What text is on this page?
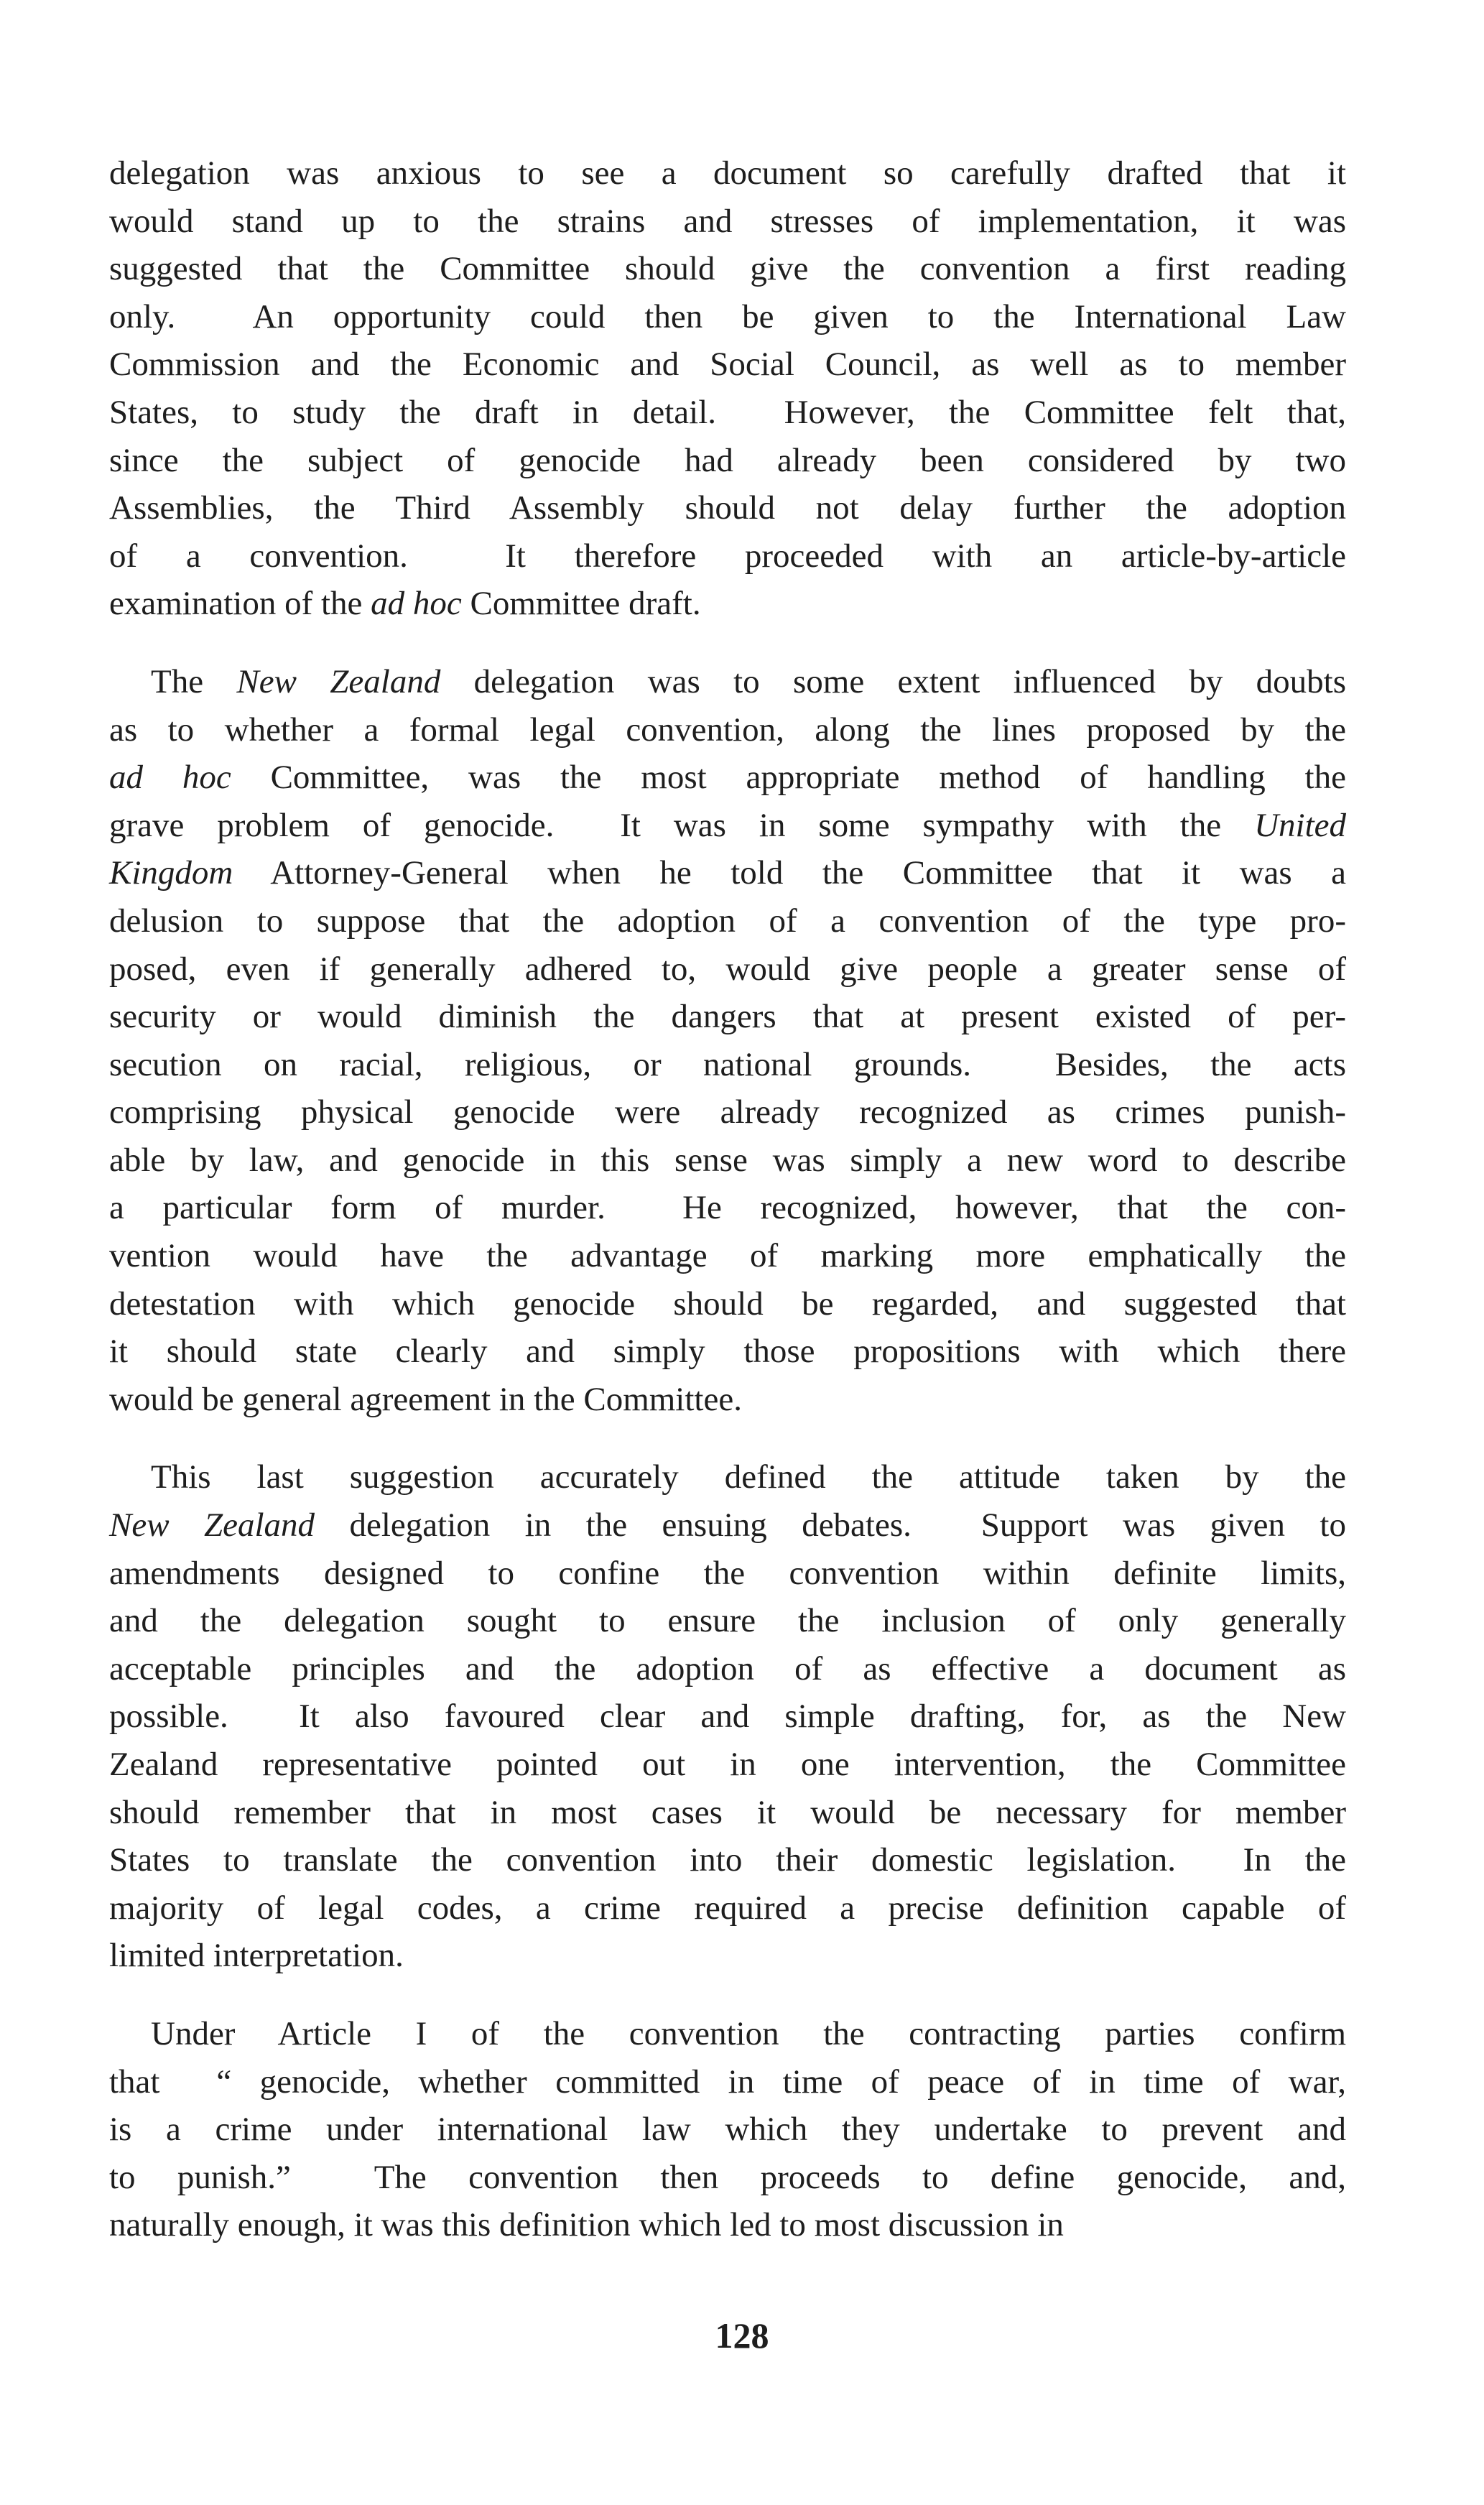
delegation was anxious to see a document so carefully drafted that it
would stand up to the strains and stresses of implementation, it was
suggested that the Committee should give the convention a first reading
only.  An opportunity could then be given to the International Law
Commission and the Economic and Social Council, as well as to member
States, to study the draft in detail.  However, the Committee felt that,
since the subject of genocide had already been considered by two
Assemblies, the Third Assembly should not delay further the adoption
of a convention.  It therefore proceeded with an article-by-article
examination of the ad hoc Committee draft.

The New Zealand delegation was to some extent influenced by doubts
as to whether a formal legal convention, along the lines proposed by the
ad hoc Committee, was the most appropriate method of handling the
grave problem of genocide.  It was in some sympathy with the United
Kingdom Attorney-General when he told the Committee that it was a
delusion to suppose that the adoption of a convention of the type pro-
posed, even if generally adhered to, would give people a greater sense of
security or would diminish the dangers that at present existed of per-
secution on racial, religious, or national grounds.  Besides, the acts
comprising physical genocide were already recognized as crimes punish-
able by law, and genocide in this sense was simply a new word to describe
a particular form of murder.  He recognized, however, that the con-
vention would have the advantage of marking more emphatically the
detestation with which genocide should be regarded, and suggested that
it should state clearly and simply those propositions with which there
would be general agreement in the Committee.

This last suggestion accurately defined the attitude taken by the
New Zealand delegation in the ensuing debates.  Support was given to
amendments designed to confine the convention within definite limits,
and the delegation sought to ensure the inclusion of only generally
acceptable principles and the adoption of as effective a document as
possible.  It also favoured clear and simple drafting, for, as the New
Zealand representative pointed out in one intervention, the Committee
should remember that in most cases it would be necessary for member
States to translate the convention into their domestic legislation.  In the
majority of legal codes, a crime required a precise definition capable of
limited interpretation.

Under Article I of the convention the contracting parties confirm
that  “ genocide, whether committed in time of peace of in time of war,
is a crime under international law which they undertake to prevent and
to punish.”  The convention then proceeds to define genocide, and,
naturally enough, it was this definition which led to most discussion in

128
